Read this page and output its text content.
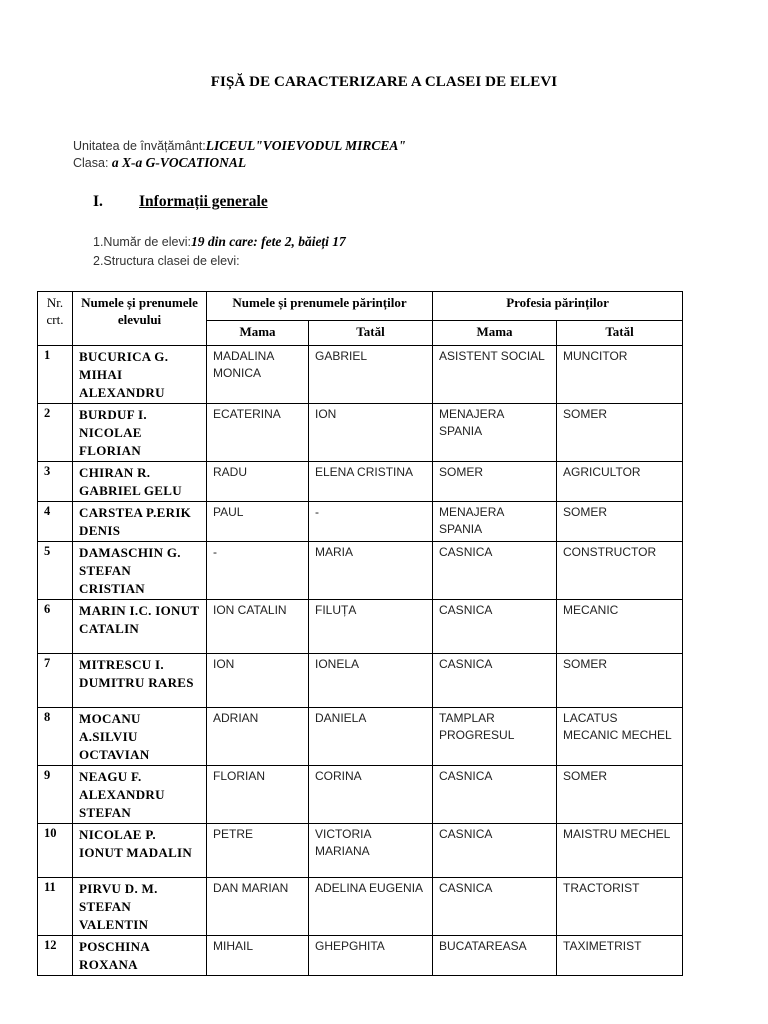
FIȘĂ DE CARACTERIZARE A CLASEI DE ELEVI
Unitatea de învățământ:LICEUL"VOIEVODUL MIRCEA"
Clasa: a X-a G-VOCATIONAL
I. Informații generale
1.Număr de elevi:19 din care: fete 2, băieți 17
2.Structura clasei de elevi:
Nr. crt.	Numele și prenumele elevului	Numele și prenumele părinților		Profesia părinților	
		Mama	Tatăl	Mama	Tatăl
1	BUCURICA G. MIHAI ALEXANDRU	MADALINA MONICA	GABRIEL	ASISTENT SOCIAL	MUNCITOR
2	BURDUF I. NICOLAE FLORIAN	ECATERINA	ION	MENAJERA SPANIA	SOMER
3	CHIRAN R. GABRIEL GELU	RADU	ELENA CRISTINA	SOMER	AGRICULTOR
4	CARSTEA P.ERIK DENIS	PAUL	-	MENAJERA SPANIA	SOMER
5	DAMASCHIN G. STEFAN CRISTIAN	-	MARIA	CASNICA	CONSTRUCTOR
6	MARIN I.C. IONUT CATALIN	ION CATALIN	FILUȚA	CASNICA	MECANIC
7	MITRESCU I. DUMITRU RARES	ION	IONELA	CASNICA	SOMER
8	MOCANU A.SILVIU OCTAVIAN	ADRIAN	DANIELA	TAMPLAR PROGRESUL	LACATUS MECANIC MECHEL
9	NEAGU F. ALEXANDRU STEFAN	FLORIAN	CORINA	CASNICA	SOMER
10	NICOLAE P. IONUT MADALIN	PETRE	VICTORIA MARIANA	CASNICA	MAISTRU MECHEL
11	PIRVU D. M. STEFAN VALENTIN	DAN MARIAN	ADELINA EUGENIA	CASNICA	TRACTORIST
12	POSCHINA ROXANA	MIHAIL	GHEPGHITA	BUCATAREASA	TAXIMETRIST
